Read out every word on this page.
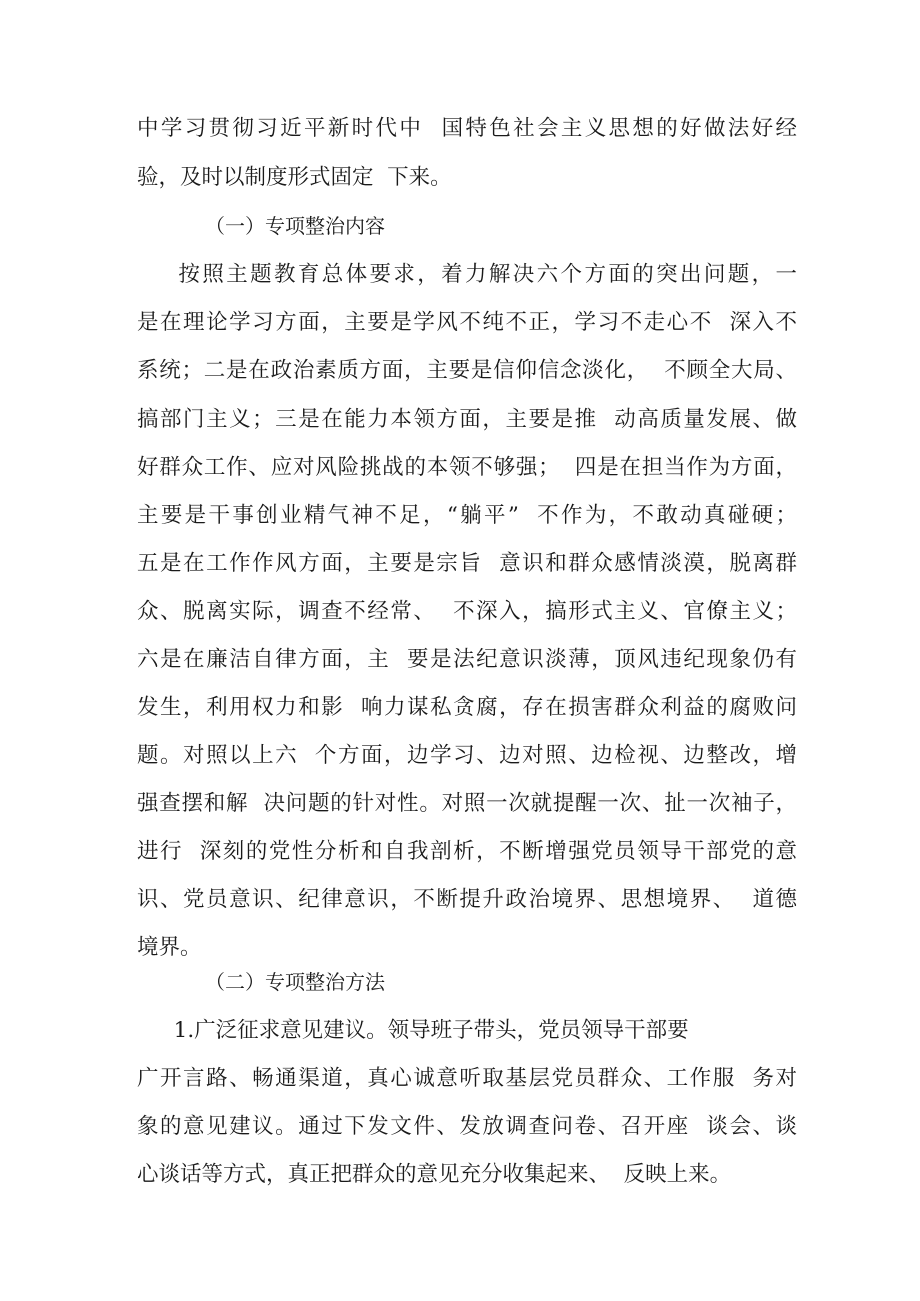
中学习贯彻习近平新时代中  国特色社会主义思想的好做法好经
验，及时以制度形式固定  下来。
（一）专项整治内容
按照主题教育总体要求，着力解决六个方面的突出问题，一
是在理论学习方面，主要是学风不纯不正，学习不走心不  深入不
系统；二是在政治素质方面，主要是信仰信念淡化，  不顾全大局、
搞部门主义；三是在能力本领方面，主要是推  动高质量发展、做
好群众工作、应对风险挑战的本领不够强；  四是在担当作为方面，
主要是干事创业精气神不足，“躺平”  不作为，不敢动真碰硬；
五是在工作作风方面，主要是宗旨  意识和群众感情淡漠，脱离群
众、脱离实际，调查不经常、  不深入，搞形式主义、官僚主义；
六是在廉洁自律方面，主  要是法纪意识淡薄，顶风违纪现象仍有
发生，利用权力和影  响力谋私贪腐，存在损害群众利益的腐败问
题。对照以上六  个方面，边学习、边对照、边检视、边整改，增
强查摆和解  决问题的针对性。对照一次就提醒一次、扯一次袖子，
进行  深刻的党性分析和自我剖析，不断增强党员领导干部党的意
识、党员意识、纪律意识，不断提升政治境界、思想境界、  道德
境界。
（二）专项整治方法
1.广泛征求意见建议。领导班子带头，党员领导干部要
广开言路、畅通渠道，真心诚意听取基层党员群众、工作服  务对
象的意见建议。通过下发文件、发放调查问卷、召开座  谈会、谈
心谈话等方式，真正把群众的意见充分收集起来、  反映上来。
